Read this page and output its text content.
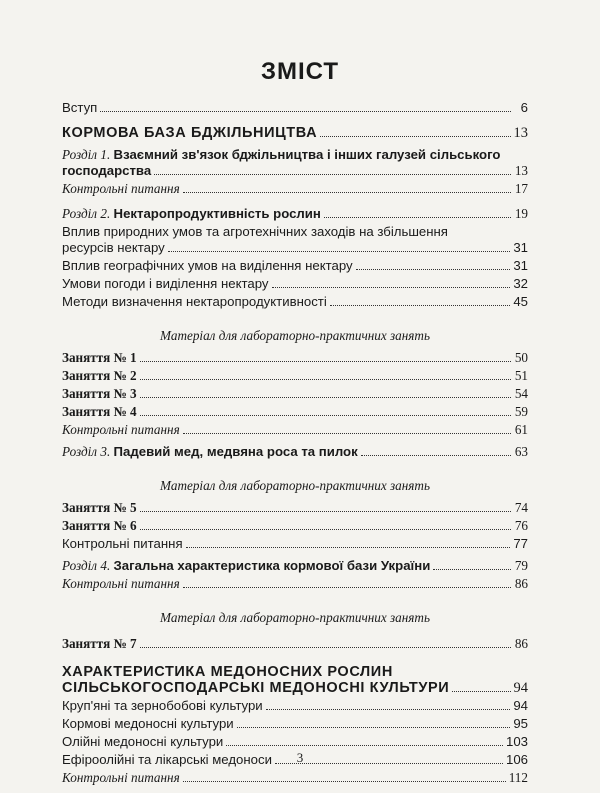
ЗМІСТ
Вступ	6
КОРМОВА БАЗА БДЖІЛЬНИЦТВА	13
Розділ 1. Взаємний зв'язок бджільництва і інших галузей сільського
господарства	13
Контрольні питання	17
Розділ 2. Нектаропродуктивність рослин	19
Вплив природних умов та агротехнічних заходів на збільшення
ресурсів нектару	31
Вплив географічних умов на виділення нектару	31
Умови погоди і виділення нектару	32
Методи визначення нектаропродуктивності	45
Матеріал для лабораторно-практичних занять
Заняття № 1	50
Заняття № 2	51
Заняття № 3	54
Заняття № 4	59
Контрольні питання	61
Розділ 3. Падевий мед, медвяна роса та пилок	63
Матеріал для лабораторно-практичних занять
Заняття № 5	74
Заняття № 6	76
Контрольні питання	77
Розділ 4. Загальна характеристика кормової бази України	79
Контрольні питання	86
Матеріал для лабораторно-практичних занять
Заняття № 7	86
ХАРАКТЕРИСТИКА МЕДОНОСНИХ РОСЛИН
СІЛЬСЬКОГОСПОДАРСЬКІ МЕДОНОСНІ КУЛЬТУРИ	94
Круп'яні та зернобобові культури	94
Кормові медоносні культури	95
Олійні медоносні культури	103
Ефіроолійні та лікарські медоноси	106
Контрольні питання	112
3
